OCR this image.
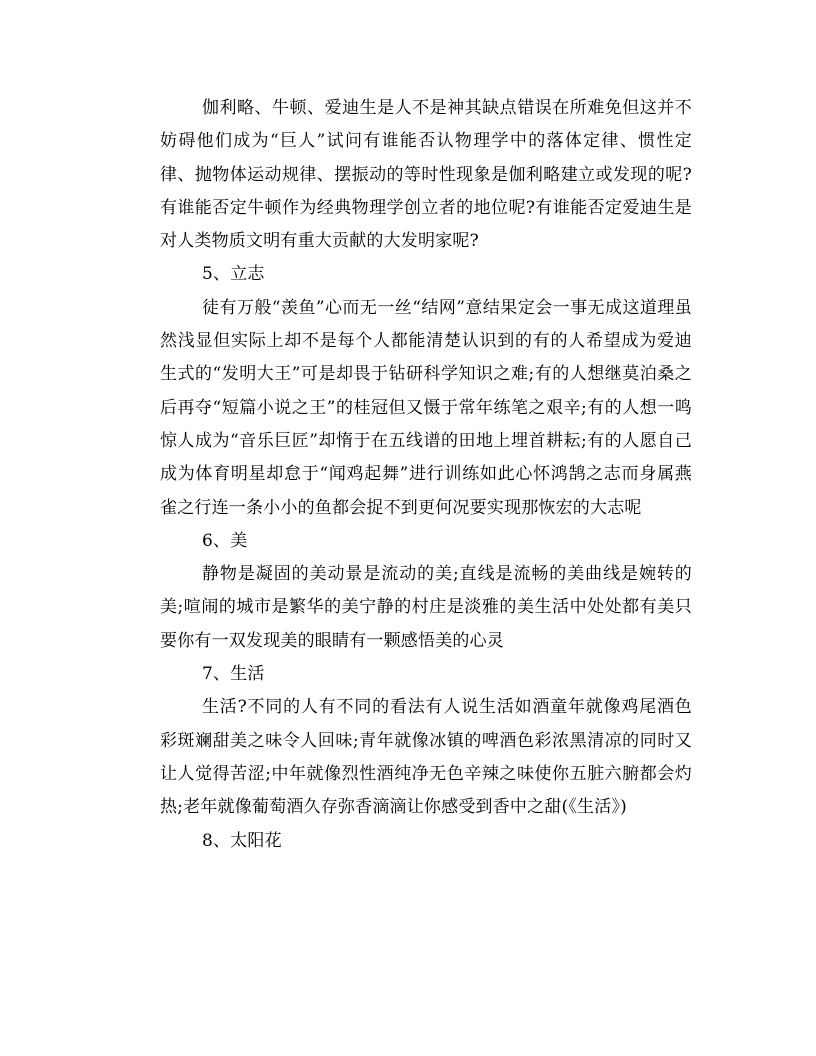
伽利略、牛顿、爱迪生是人不是神其缺点错误在所难免但这并不妨碍他们成为“巨人”试问有谁能否认物理学中的落体定律、惯性定律、抛物体运动规律、摆振动的等时性现象是伽利略建立或发现的呢?有谁能否定牛顿作为经典物理学创立者的地位呢?有谁能否定爱迪生是对人类物质文明有重大贡献的大发明家呢?

5、立志

徒有万般“羡鱼”心而无一丝“结网”意结果定会一事无成这道理虽然浅显但实际上却不是每个人都能清楚认识到的有的人希望成为爱迪生式的“发明大王”可是却畏于钻研科学知识之难;有的人想继莫泊桑之后再夺“短篇小说之王”的桂冠但又慑于常年练笔之艰辛;有的人想一鸣惊人成为“音乐巨匠”却惰于在五线谱的田地上埋首耕耘;有的人愿自己成为体育明星却怠于“闻鸡起舞”进行训练如此心怀鸿鹄之志而身属燕雀之行连一条小小的鱼都会捉不到更何况要实现那恢宏的大志呢

6、美

静物是凝固的美动景是流动的美;直线是流畅的美曲线是婉转的美;喧闹的城市是繁华的美宁静的村庄是淡雅的美生活中处处都有美只要你有一双发现美的眼睛有一颗感悟美的心灵

7、生活

生活?不同的人有不同的看法有人说生活如酒童年就像鸡尾酒色彩斑斓甜美之味令人回味;青年就像冰镇的啤酒色彩浓黑清凉的同时又让人觉得苦涩;中年就像烈性酒纯净无色辛辣之味使你五脏六腑都会灼热;老年就像葡萄酒久存弥香滴滴让你感受到香中之甜(《生活》)

8、太阳花
